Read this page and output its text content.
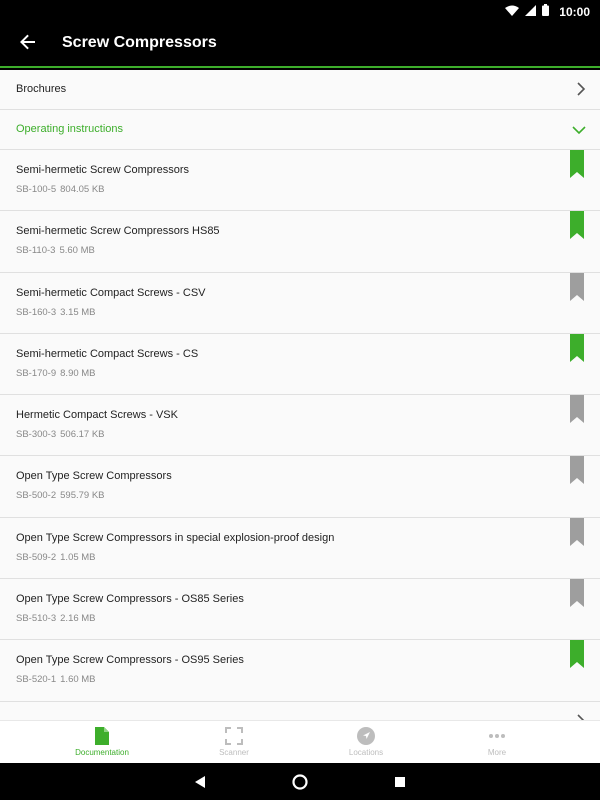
10:00
Screw Compressors
Brochures
Operating instructions
Semi-hermetic Screw Compressors
SB-100-5 804.05 KB
Semi-hermetic Screw Compressors HS85
SB-110-3 5.60 MB
Semi-hermetic Compact Screws - CSV
SB-160-3 3.15 MB
Semi-hermetic Compact Screws - CS
SB-170-9 8.90 MB
Hermetic Compact Screws - VSK
SB-300-3 506.17 KB
Open Type Screw Compressors
SB-500-2 595.79 KB
Open Type Screw Compressors in special explosion-proof design
SB-509-2 1.05 MB
Open Type Screw Compressors - OS85 Series
SB-510-3 2.16 MB
Open Type Screw Compressors - OS95 Series
SB-520-1 1.60 MB
Documentation	Scanner	Locations	More
